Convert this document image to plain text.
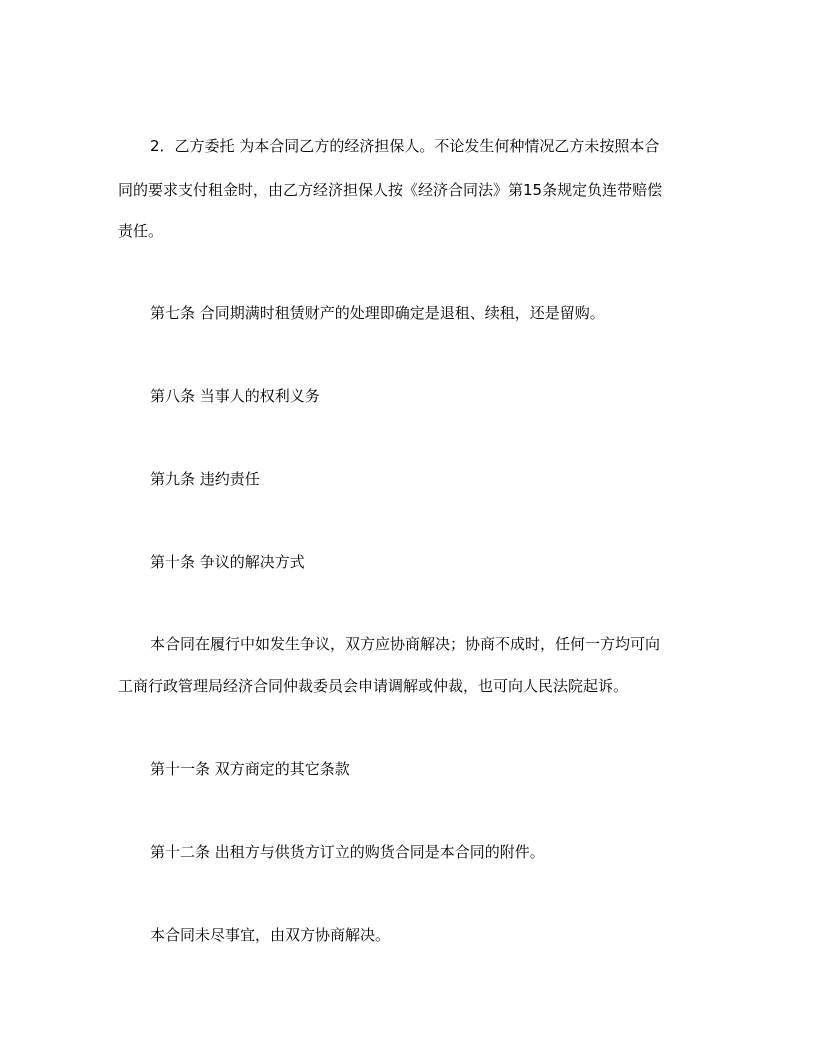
2．乙方委托 为本合同乙方的经济担保人。不论发生何种情况乙方未按照本合
同的要求支付租金时，由乙方经济担保人按《经济合同法》第15条规定负连带赔偿
责任。
第七条 合同期满时租赁财产的处理即确定是退租、续租，还是留购。
第八条 当事人的权利义务
第九条 违约责任
第十条 争议的解决方式
本合同在履行中如发生争议，双方应协商解决；协商不成时，任何一方均可向
工商行政管理局经济合同仲裁委员会申请调解或仲裁，也可向人民法院起诉。
第十一条 双方商定的其它条款
第十二条 出租方与供货方订立的购货合同是本合同的附件。
本合同未尽事宜，由双方协商解决。
